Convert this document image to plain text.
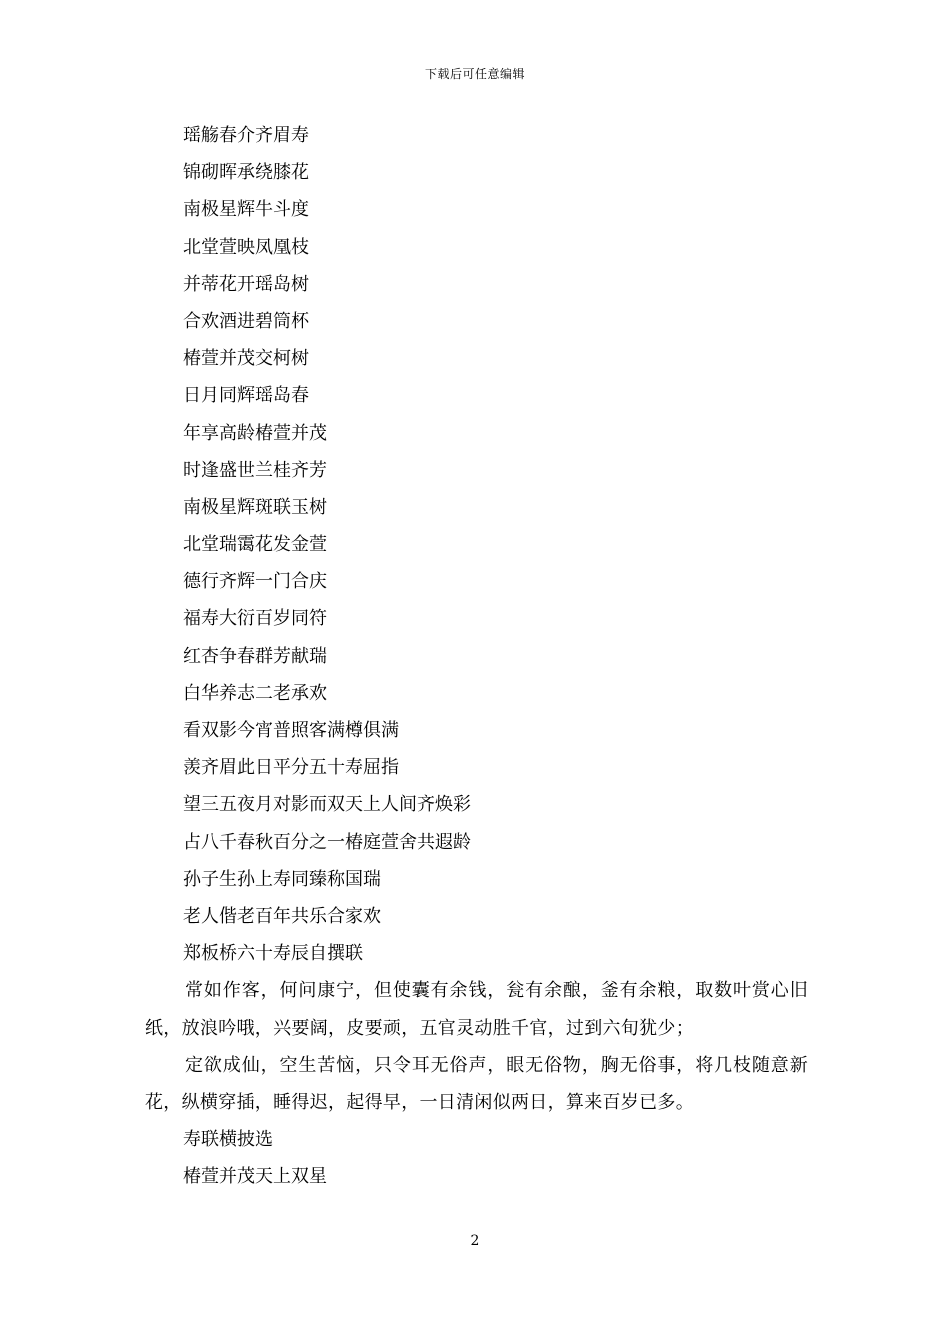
下载后可任意编辑
瑶觞春介齐眉寿
锦砌晖承绕膝花
南极星辉牛斗度
北堂萱映凤凰枝
并蒂花开瑶岛树
合欢酒进碧筒杯
椿萱并茂交柯树
日月同辉瑶岛春
年享高龄椿萱并茂
时逢盛世兰桂齐芳
南极星辉斑联玉树
北堂瑞霭花发金萱
德行齐辉一门合庆
福寿大衍百岁同符
红杏争春群芳献瑞
白华养志二老承欢
看双影今宵普照客满樽俱满
羡齐眉此日平分五十寿屈指
望三五夜月对影而双天上人间齐焕彩
占八千春秋百分之一椿庭萱舍共遐龄
孙子生孙上寿同臻称国瑞
老人偕老百年共乐合家欢
郑板桥六十寿辰自撰联
常如作客，何问康宁，但使囊有余钱，瓮有余酿，釜有余粮，取数叶赏心旧纸，放浪吟哦，兴要阔，皮要顽，五官灵动胜千官，过到六旬犹少；
定欲成仙，空生苦恼，只令耳无俗声，眼无俗物，胸无俗事，将几枝随意新花，纵横穿插，睡得迟，起得早，一日清闲似两日，算来百岁已多。
寿联横披选
椿萱并茂天上双星
2
